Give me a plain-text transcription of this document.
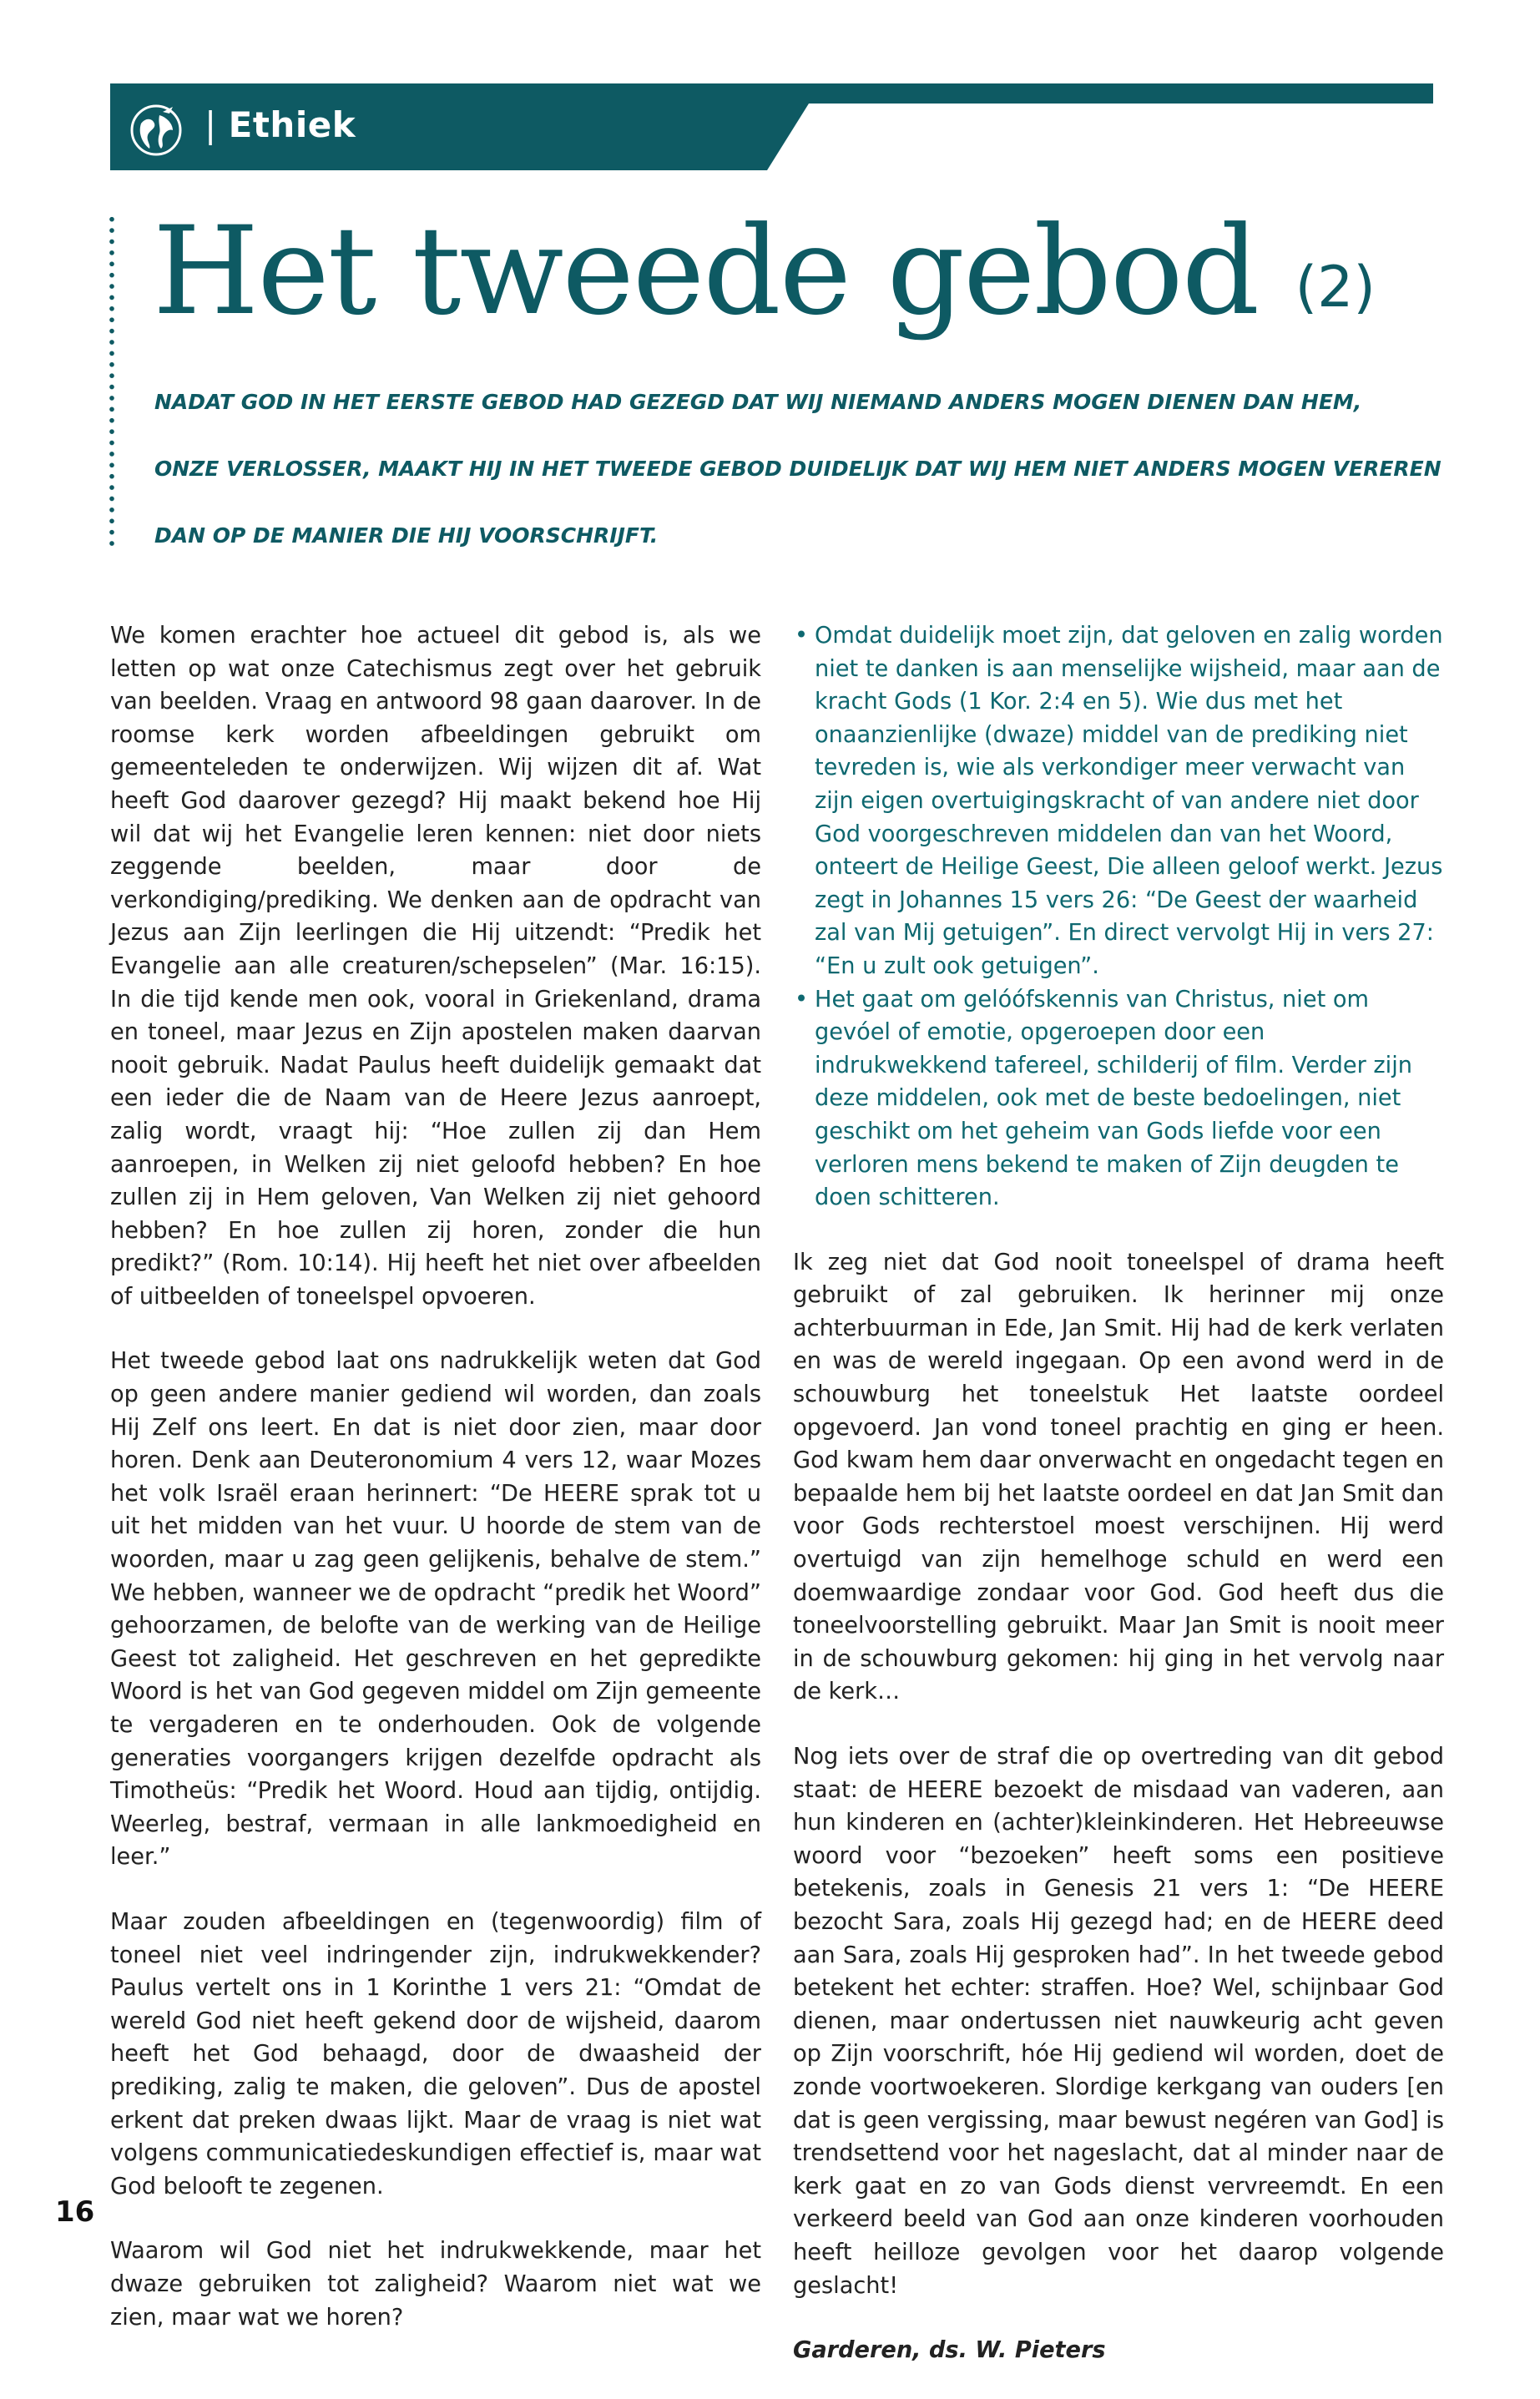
| Ethiek
Het tweede gebod (2)
NADAT GOD IN HET EERSTE GEBOD HAD GEZEGD DAT WIJ NIEMAND ANDERS MOGEN DIENEN DAN HEM,
ONZE VERLOSSER, MAAKT HIJ IN HET TWEEDE GEBOD DUIDELIJK DAT WIJ HEM NIET ANDERS MOGEN VEREREN
DAN OP DE MANIER DIE HIJ VOORSCHRIJFT.

We komen erachter hoe actueel dit gebod is, als we letten op wat onze Catechismus zegt over het gebruik van beelden. Vraag en antwoord 98 gaan daarover. In de roomse kerk worden afbeeldingen gebruikt om gemeenteleden te onderwijzen. Wij wijzen dit af. Wat heeft God daarover gezegd? Hij maakt bekend hoe Hij wil dat wij het Evangelie leren kennen: niet door niets zeggende beelden, maar door de verkondiging/prediking. We denken aan de opdracht van Jezus aan Zijn leerlingen die Hij uitzendt: “Predik het Evangelie aan alle creaturen/schepselen” (Mar. 16:15). In die tijd kende men ook, vooral in Griekenland, drama en toneel, maar Jezus en Zijn apostelen maken daarvan nooit gebruik. Nadat Paulus heeft duidelijk gemaakt dat een ieder die de Naam van de Heere Jezus aanroept, zalig wordt, vraagt hij: “Hoe zullen zij dan Hem aanroepen, in Welken zij niet geloofd hebben? En hoe zullen zij in Hem geloven, Van Welken zij niet gehoord hebben? En hoe zullen zij horen, zonder die hun predikt?” (Rom. 10:14). Hij heeft het niet over afbeelden of uitbeelden of toneelspel opvoeren.

Het tweede gebod laat ons nadrukkelijk weten dat God op geen andere manier gediend wil worden, dan zoals Hij Zelf ons leert. En dat is niet door zien, maar door horen. Denk aan Deuteronomium 4 vers 12, waar Mozes het volk Israël eraan herinnert: “De HEERE sprak tot u uit het midden van het vuur. U hoorde de stem van de woorden, maar u zag geen gelijkenis, behalve de stem.” We hebben, wanneer we de opdracht “predik het Woord” gehoorzamen, de belofte van de werking van de Heilige Geest tot zaligheid. Het geschreven en het gepredikte Woord is het van God gegeven middel om Zijn gemeente te vergaderen en te onderhouden. Ook de volgende generaties voorgangers krijgen dezelfde opdracht als Timotheüs: “Predik het Woord. Houd aan tijdig, ontijdig. Weerleg, bestraf, vermaan in alle lankmoedigheid en leer.”

Maar zouden afbeeldingen en (tegenwoordig) film of toneel niet veel indringender zijn, indrukwekkender? Paulus vertelt ons in 1 Korinthe 1 vers 21: “Omdat de wereld God niet heeft gekend door de wijsheid, daarom heeft het God behaagd, door de dwaasheid der prediking, zalig te maken, die geloven”. Dus de apostel erkent dat preken dwaas lijkt. Maar de vraag is niet wat volgens communicatiedeskundigen effectief is, maar wat God belooft te zegenen.

Waarom wil God niet het indrukwekkende, maar het dwaze gebruiken tot zaligheid? Waarom niet wat we zien, maar wat we horen?

• Omdat duidelijk moet zijn, dat geloven en zalig worden niet te danken is aan menselijke wijsheid, maar aan de kracht Gods (1 Kor. 2:4 en 5). Wie dus met het onaanzienlijke (dwaze) middel van de prediking niet tevreden is, wie als verkondiger meer verwacht van zijn eigen overtuigingskracht of van andere niet door God voorgeschreven middelen dan van het Woord, onteert de Heilige Geest, Die alleen geloof werkt. Jezus zegt in Johannes 15 vers 26: “De Geest der waarheid zal van Mij getuigen”. En direct vervolgt Hij in vers 27: “En u zult ook getuigen”.
• Het gaat om gelóófskennis van Christus, niet om gevóel of emotie, opgeroepen door een indrukwekkend tafereel, schilderij of film. Verder zijn deze middelen, ook met de beste bedoelingen, niet geschikt om het geheim van Gods liefde voor een verloren mens bekend te maken of Zijn deugden te doen schitteren.

Ik zeg niet dat God nooit toneelspel of drama heeft gebruikt of zal gebruiken. Ik herinner mij onze achterbuurman in Ede, Jan Smit. Hij had de kerk verlaten en was de wereld ingegaan. Op een avond werd in de schouwburg het toneelstuk Het laatste oordeel opgevoerd. Jan vond toneel prachtig en ging er heen. God kwam hem daar onverwacht en ongedacht tegen en bepaalde hem bij het laatste oordeel en dat Jan Smit dan voor Gods rechterstoel moest verschijnen. Hij werd overtuigd van zijn hemelhoge schuld en werd een doemwaardige zondaar voor God. God heeft dus die toneelvoorstelling gebruikt. Maar Jan Smit is nooit meer in de schouwburg gekomen: hij ging in het vervolg naar de kerk…

Nog iets over de straf die op overtreding van dit gebod staat: de HEERE bezoekt de misdaad van vaderen, aan hun kinderen en (achter)kleinkinderen. Het Hebreeuwse woord voor “bezoeken” heeft soms een positieve betekenis, zoals in Genesis 21 vers 1: “De HEERE bezocht Sara, zoals Hij gezegd had; en de HEERE deed aan Sara, zoals Hij gesproken had”. In het tweede gebod betekent het echter: straffen. Hoe? Wel, schijnbaar God dienen, maar ondertussen niet nauwkeurig acht geven op Zijn voorschrift, hóe Hij gediend wil worden, doet de zonde voortwoekeren. Slordige kerkgang van ouders [en dat is geen vergissing, maar bewust negéren van God] is trendsettend voor het nageslacht, dat al minder naar de kerk gaat en zo van Gods dienst vervreemdt. En een verkeerd beeld van God aan onze kinderen voorhouden heeft heilloze gevolgen voor het daarop volgende geslacht!

Garderen, ds. W. Pieters

16
